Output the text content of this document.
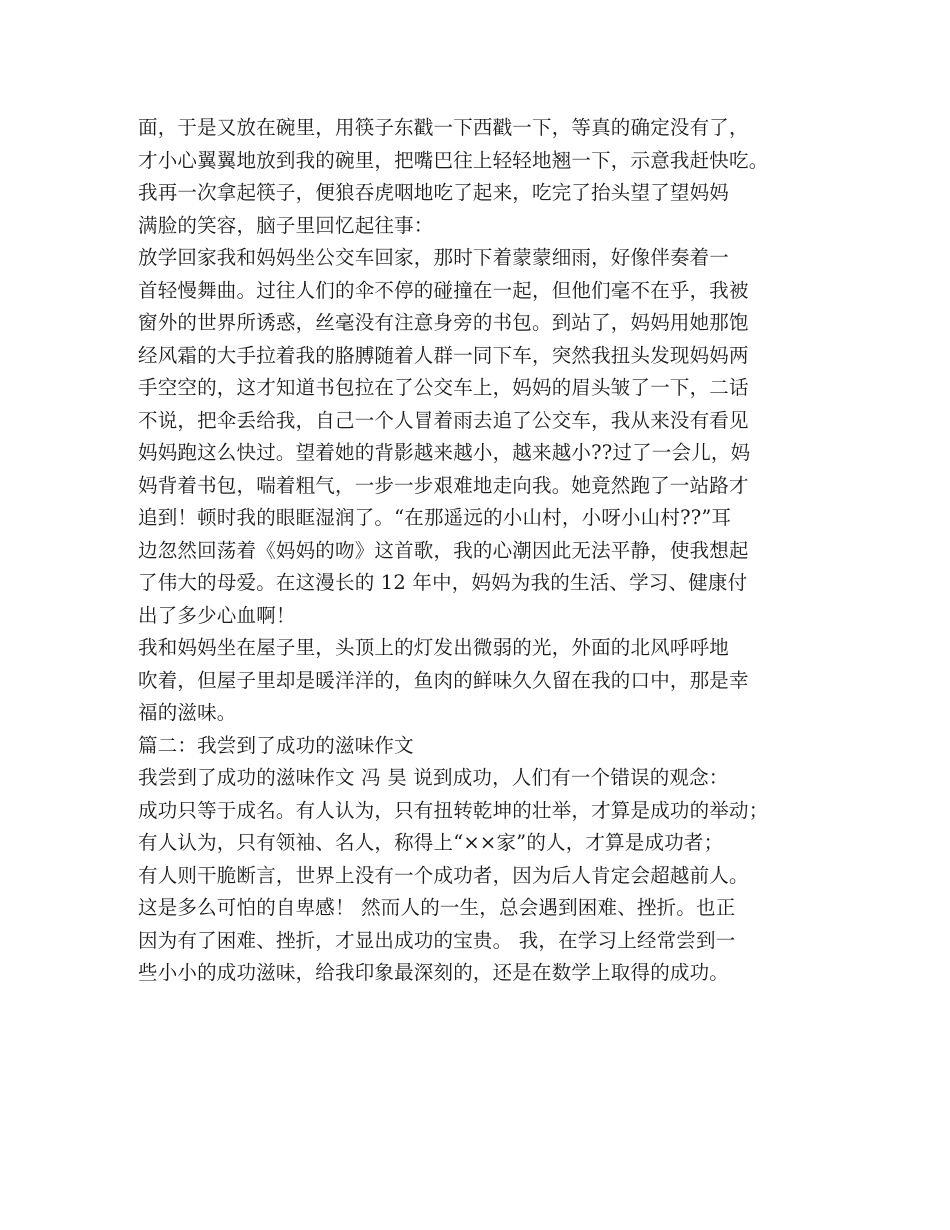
面，于是又放在碗里，用筷子东戳一下西戳一下，等真的确定没有了，
才小心翼翼地放到我的碗里，把嘴巴往上轻轻地翘一下，示意我赶快吃。
我再一次拿起筷子，便狼吞虎咽地吃了起来，吃完了抬头望了望妈妈
满脸的笑容，脑子里回忆起往事：
放学回家我和妈妈坐公交车回家，那时下着蒙蒙细雨，好像伴奏着一
首轻慢舞曲。过往人们的伞不停的碰撞在一起，但他们毫不在乎，我被
窗外的世界所诱惑，丝毫没有注意身旁的书包。到站了，妈妈用她那饱
经风霜的大手拉着我的胳膊随着人群一同下车，突然我扭头发现妈妈两
手空空的，这才知道书包拉在了公交车上，妈妈的眉头皱了一下，二话
不说，把伞丢给我，自己一个人冒着雨去追了公交车，我从来没有看见
妈妈跑这么快过。望着她的背影越来越小，越来越小??过了一会儿，妈
妈背着书包，喘着粗气，一步一步艰难地走向我。她竟然跑了一站路才
追到！顿时我的眼眶湿润了。“在那遥远的小山村，小呀小山村??”耳
边忽然回荡着《妈妈的吻》这首歌，我的心潮因此无法平静，使我想起
了伟大的母爱。在这漫长的 12 年中，妈妈为我的生活、学习、健康付
出了多少心血啊！
我和妈妈坐在屋子里，头顶上的灯发出微弱的光，外面的北风呼呼地
吹着，但屋子里却是暖洋洋的，鱼肉的鲜味久久留在我的口中，那是幸
福的滋味。
篇二：我尝到了成功的滋味作文
我尝到了成功的滋味作文 冯 昊 说到成功，人们有一个错误的观念：
成功只等于成名。有人认为，只有扭转乾坤的壮举，才算是成功的举动；
有人认为，只有领袖、名人，称得上“××家”的人，才算是成功者；
有人则干脆断言，世界上没有一个成功者，因为后人肯定会超越前人。
这是多么可怕的自卑感！ 然而人的一生，总会遇到困难、挫折。也正
因为有了困难、挫折，才显出成功的宝贵。 我，在学习上经常尝到一
些小小的成功滋味，给我印象最深刻的，还是在数学上取得的成功。
